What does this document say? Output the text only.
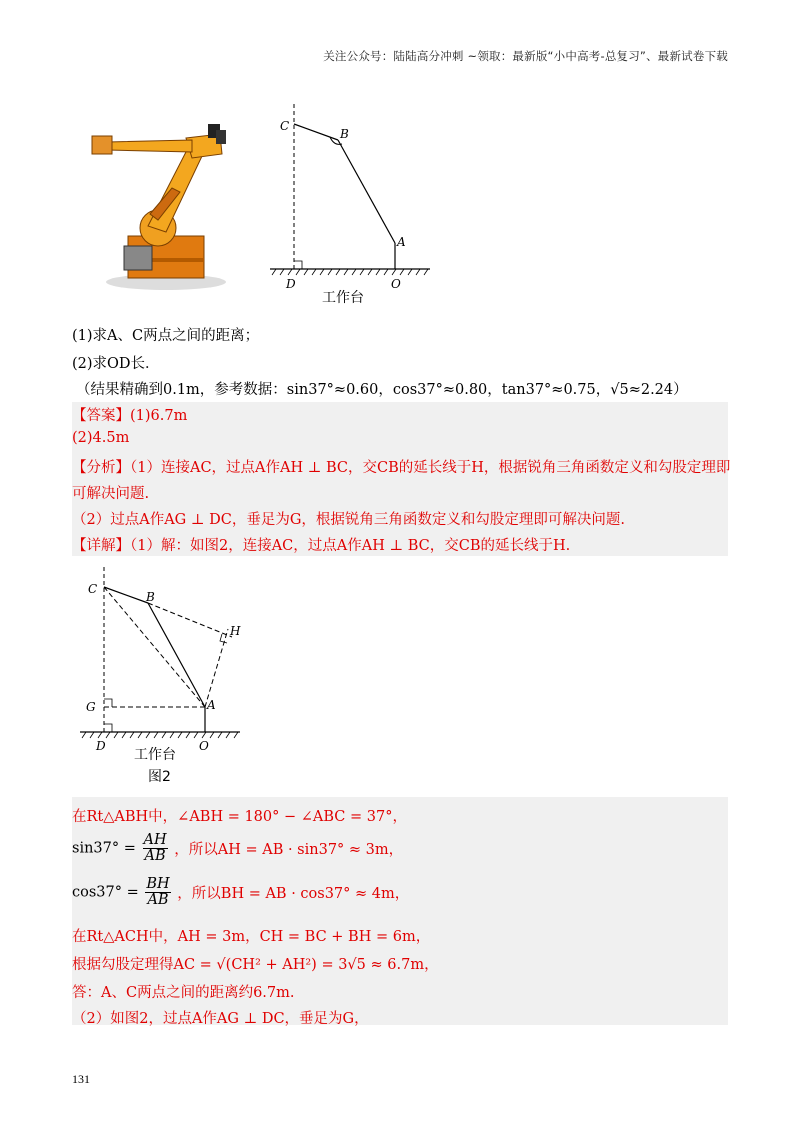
关注公众号：陆陆高分冲刺 ~领取：最新版“小中高考-总复习”、最新试卷下载
C
B
A
D	O
工作台
(1)求A、C两点之间的距离；
(2)求OD长．
（结果精确到0.1m，参考数据：sin37°≈0.60，cos37°≈0.80，tan37°≈0.75，√5≈2.24）
【答案】(1)6.7m
(2)4.5m
【分析】（1）连接AC，过点A作AH ⊥ BC，交CB的延长线于H，根据锐角三角函数定义和勾股定理即
可解决问题.
（2）过点A作AG ⊥ DC，垂足为G，根据锐角三角函数定义和勾股定理即可解决问题.
【详解】（1）解：如图2，连接AC，过点A作AH ⊥ BC，交CB的延长线于H.
C
B
H
G	A
D	O
工作台
图2
在Rt△ABH中，∠ABH = 180° − ∠ABC = 37°，
$\sin 37^\circ = \frac{AH}{AB}$ ，所以AH = AB · sin37° ≈ 3m，
$\cos 37^\circ = \frac{BH}{AB}$ ，所以BH = AB · cos37° ≈ 4m，
在Rt△ACH中，AH = 3m，CH = BC + BH = 6m，
根据勾股定理得AC = √(CH² + AH²) = 3√5 ≈ 6.7m，
答：A、C两点之间的距离约6.7m.
（2）如图2，过点A作AG ⊥ DC，垂足为G，
131
